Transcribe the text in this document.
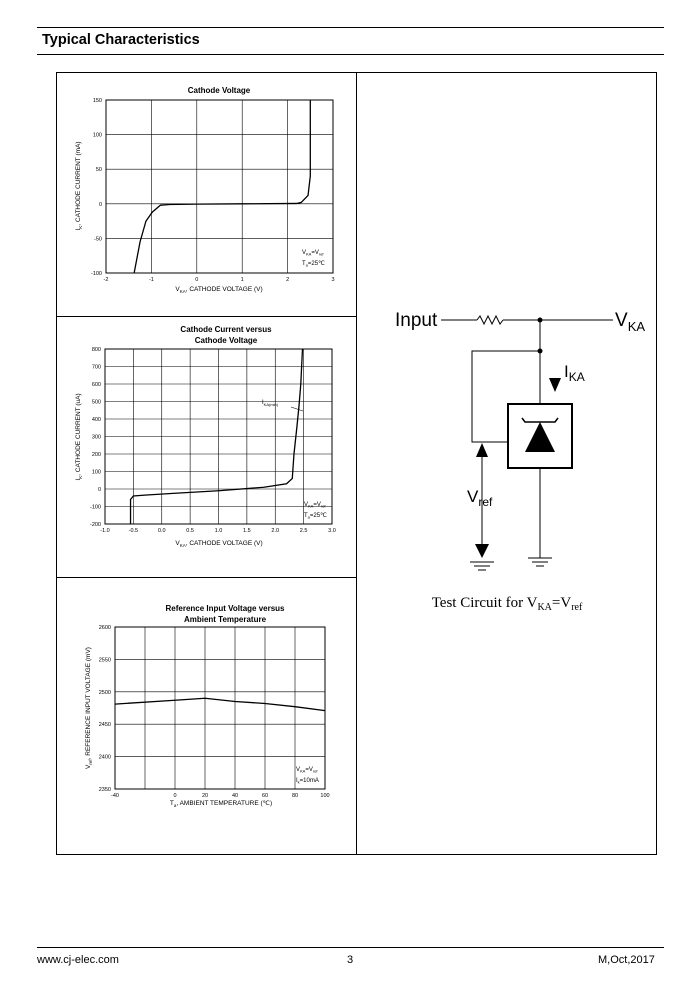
Typical Characteristics
Cathode Voltage
-2	-1	0	1	2	3
-100
-50
0
50
100
150
$V_{KA}$, CATHODE VOLTAGE (V)
$I_K$, CATHODE CURRENT (mA)
$V_{KA}=V_{ref}$
$T_a=25℃$
Cathode Current versus
Cathode Voltage
-1.0	-0.5	0.0	0.5	1.0	1.5	2.0	2.5	3.0
-200
-100
0
100
200
300
400
500
600
700
800
$V_{KA}$, CATHODE VOLTAGE (V)
$I_K$, CATHODE CURRENT (uA)	$I_{KA(min)}$
$V_{KA}=V_{ref}$
$T_a=25℃$
Reference Input Voltage versus
Ambient Temperature
-40	0	20	40	60	80	100
2350
2400
2450
2500
2550
2600
$T_a$, AMBIENT TEMPERATURE (℃)
$V_{ref}$, REFERENCE INPUT VOLTAGE (mV)
$V_{KA}=V_{ref}$
$I_k=10mA$
Input	$V_{KA}$
$I_{KA}$
$V_{ref}$
Test Circuit for $V_{KA}=V_{ref}$
www.cj-elec.com	3	M,Oct,2017
